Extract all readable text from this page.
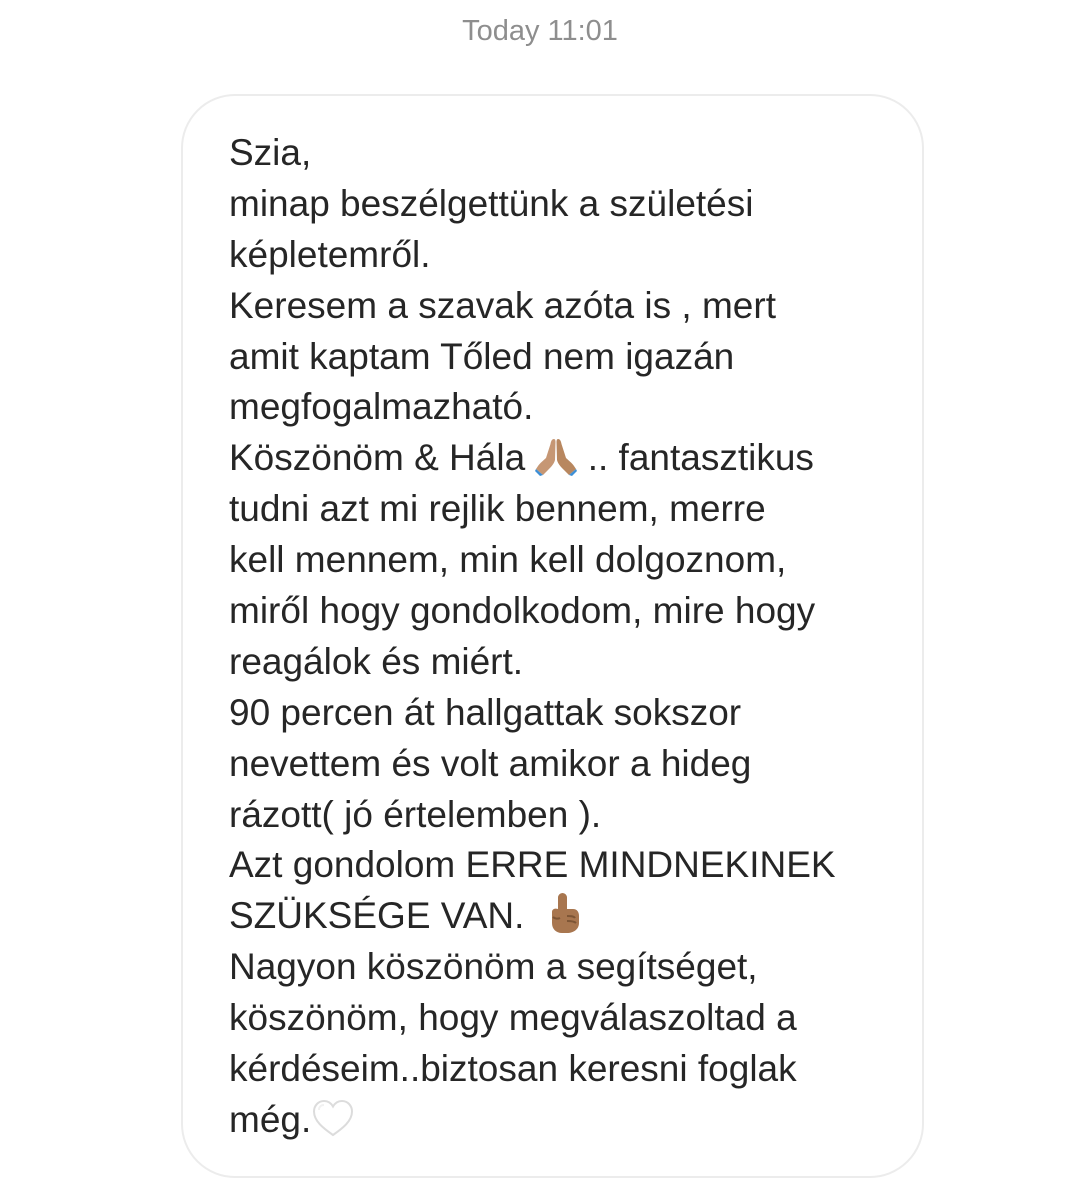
Today 11:01
Szia,
minap beszélgettünk a születési
képletemről.
Keresem a szavak azóta is , mert
amit kaptam Tőled nem igazán
megfogalmazható.
Köszönöm & Hála .. fantasztikus
tudni azt mi rejlik bennem, merre
kell mennem, min kell dolgoznom,
miről hogy gondolkodom, mire hogy
reagálok és miért.
90 percen át hallgattak sokszor
nevettem és volt amikor a hideg
rázott( jó értelemben ).
Azt gondolom ERRE MINDNEKINEK
SZÜKSÉGE VAN.
Nagyon köszönöm a segítséget,
köszönöm, hogy megválaszoltad a
kérdéseim..biztosan keresni foglak
még.
